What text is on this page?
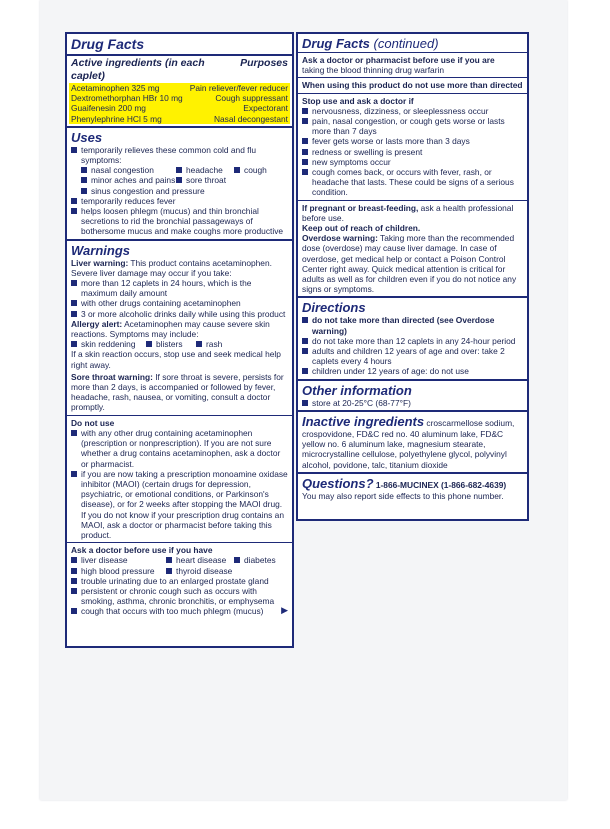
Drug Facts
Active ingredients (in each caplet)
Purposes
Acetaminophen 325 mg	Pain reliever/fever reducer
Dextromethorphan HBr 10 mg	Cough suppressant
Guaifenesin 200 mg	Expectorant
Phenylephrine HCl 5 mg	Nasal decongestant
Uses
temporarily relieves these common cold and flu symptoms:
nasal congestion	headache	cough
minor aches and pains sore throat
sinus congestion and pressure
temporarily reduces fever
helps loosen phlegm (mucus) and thin bronchial secretions to rid the bronchial passageways of bothersome mucus and make coughs more productive
Warnings
Liver warning: This product contains acetaminophen. Severe liver damage may occur if you take:
more than 12 caplets in 24 hours, which is the maximum daily amount
with other drugs containing acetaminophen
3 or more alcoholic drinks daily while using this product
Allergy alert: Acetaminophen may cause severe skin reactions. Symptoms may include:
skin reddening blisters	rash
If a skin reaction occurs, stop use and seek medical help right away.
Sore throat warning: If sore throat is severe, persists for more than 2 days, is accompanied or followed by fever, headache, rash, nausea, or vomiting, consult a doctor promptly.
Do not use
with any other drug containing acetaminophen (prescription or nonprescription). If you are not sure whether a drug contains acetaminophen, ask a doctor or pharmacist.
if you are now taking a prescription monoamine oxidase inhibitor (MAOI) (certain drugs for depression, psychiatric, or emotional conditions, or Parkinson's disease), or for 2 weeks after stopping the MAOI drug. If you do not know if your prescription drug contains an MAOI, ask a doctor or pharmacist before taking this product.
Ask a doctor before use if you have
liver disease	heart disease diabetes
high blood pressure	thyroid disease
trouble urinating due to an enlarged prostate gland
persistent or chronic cough such as occurs with smoking, asthma, chronic bronchitis, or emphysema
cough that occurs with too much phlegm (mucus) ▶
Drug Facts (continued)
Ask a doctor or pharmacist before use if you are
taking the blood thinning drug warfarin
When using this product do not use more than directed
Stop use and ask a doctor if
nervousness, dizziness, or sleeplessness occur
pain, nasal congestion, or cough gets worse or lasts more than 7 days
fever gets worse or lasts more than 3 days
redness or swelling is present
new symptoms occur
cough comes back, or occurs with fever, rash, or headache that lasts. These could be signs of a serious condition.
If pregnant or breast-feeding, ask a health professional before use.
Keep out of reach of children.
Overdose warning: Taking more than the recommended dose (overdose) may cause liver damage. In case of overdose, get medical help or contact a Poison Control Center right away. Quick medical attention is critical for adults as well as for children even if you do not notice any signs or symptoms.
Directions
do not take more than directed (see Overdose warning)
do not take more than 12 caplets in any 24-hour period
adults and children 12 years of age and over: take 2 caplets every 4 hours
children under 12 years of age: do not use
Other information
store at 20-25°C (68-77°F)
Inactive ingredients croscarmellose sodium, crospovidone, FD&C red no. 40 aluminum lake, FD&C yellow no. 6 aluminum lake, magnesium stearate, microcrystalline cellulose, polyethylene glycol, polyvinyl alcohol, povidone, talc, titanium dioxide
Questions? 1-866-MUCINEX (1-866-682-4639)
You may also report side effects to this phone number.
